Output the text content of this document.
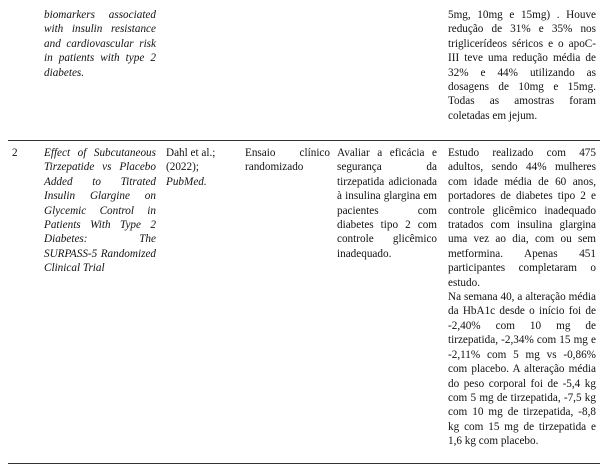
biomarkers associated with insulin resistance and cardiovascular risk in patients with type 2 diabetes.
5mg, 10mg e 15mg) . Houve redução de 31% e 35% nos triglicerídeos séricos e o apoC-III teve uma redução média de 32% e 44% utilizando as dosagens de 10mg e 15mg. Todas as amostras foram coletadas em jejum.
2	Effect of Subcutaneous Tirzepatide vs Placebo Added to Titrated Insulin Glargine on Glycemic Control in Patients With Type 2 Diabetes: The SURPASS-5 Randomized Clinical Trial
Dahl et al.; (2022);
PubMed.
Ensaio clínico randomizado
Avaliar a eficácia e segurança da tirzepatida adicionada à insulina glargina em pacientes com diabetes tipo 2 com controle glicêmico inadequado.
Estudo realizado com 475 adultos, sendo 44% mulheres com idade média de 60 anos, portadores de diabetes tipo 2 e controle glicêmico inadequado tratados com insulina glargina uma vez ao dia, com ou sem metformina. Apenas 451 participantes completaram o estudo.
Na semana 40, a alteração média da HbA1c desde o início foi de -2,40% com 10 mg de tirzepatida, -2,34% com 15 mg e -2,11% com 5 mg vs -0,86% com placebo. A alteração média do peso corporal foi de -5,4 kg com 5 mg de tirzepatida, -7,5 kg com 10 mg de tirzepatida, -8,8 kg com 15 mg de tirzepatida e 1,6 kg com placebo.
